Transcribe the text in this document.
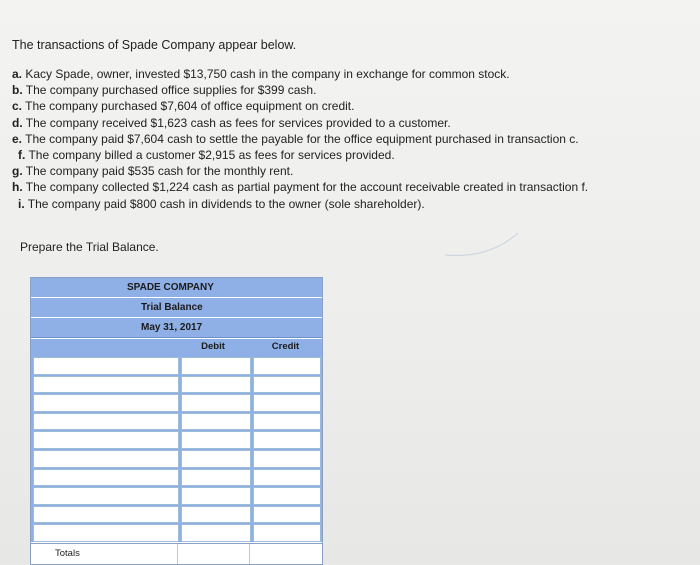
The transactions of Spade Company appear below.
a. Kacy Spade, owner, invested $13,750 cash in the company in exchange for common stock.
b. The company purchased office supplies for $399 cash.
c. The company purchased $7,604 of office equipment on credit.
d. The company received $1,623 cash as fees for services provided to a customer.
e. The company paid $7,604 cash to settle the payable for the office equipment purchased in transaction c.
f. The company billed a customer $2,915 as fees for services provided.
g. The company paid $535 cash for the monthly rent.
h. The company collected $1,224 cash as partial payment for the account receivable created in transaction f.
i. The company paid $800 cash in dividends to the owner (sole shareholder).
Prepare the Trial Balance.
SPADE COMPANY
Trial Balance
May 31, 2017
Debit	Credit
Totals
